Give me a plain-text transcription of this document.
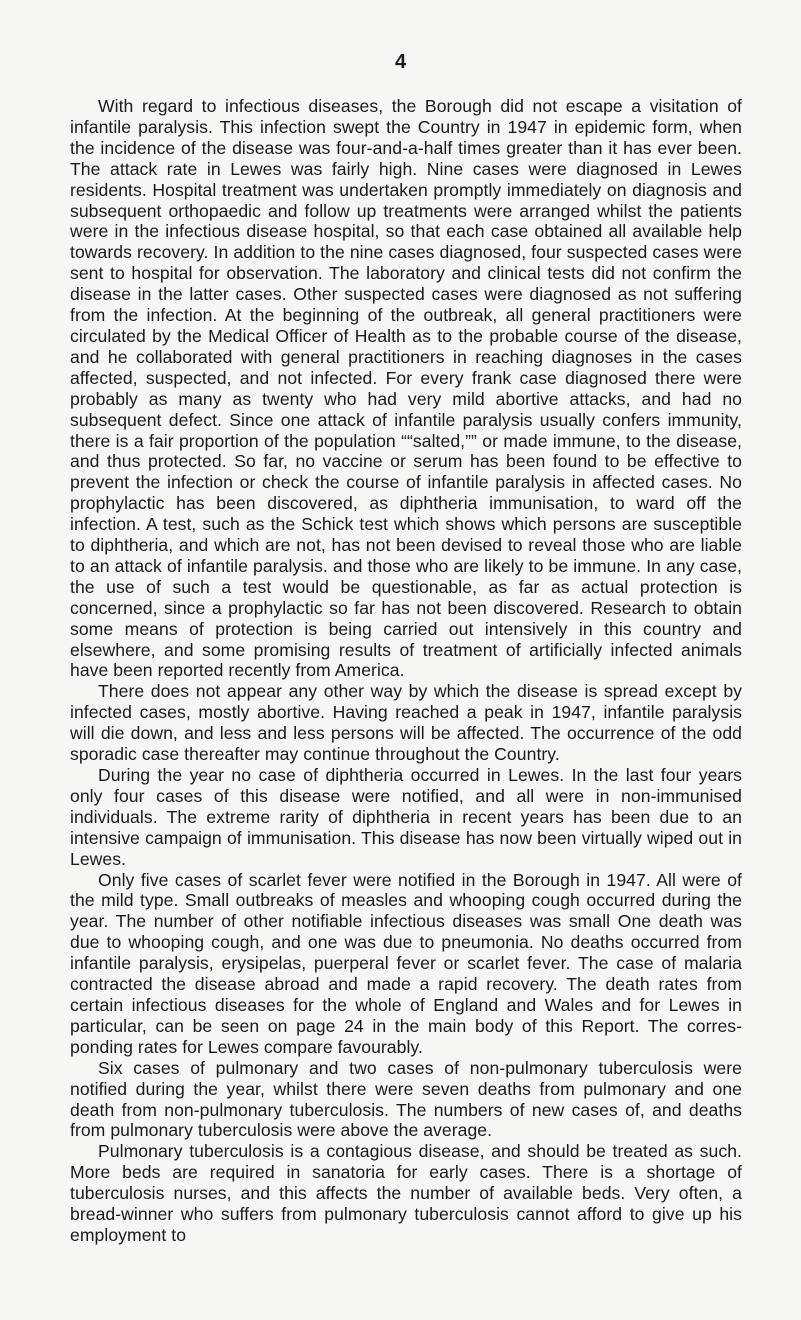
4

With regard to infectious diseases, the Borough did not escape a visitation of infantile paralysis. This infection swept the Country in 1947 in epidemic form, when the incidence of the disease was four-and-a-half times greater than it has ever been. The attack rate in Lewes was fairly high. Nine cases were diagnosed in Lewes residents. Hospital treatment was undertaken promptly immediately on diagnosis and subsequent orthopaedic and follow up treatments were arranged whilst the patients were in the infectious disease hospital, so that each case obtained all available help towards recovery. In addition to the nine cases diagnosed, four suspected cases were sent to hospital for observation. The laboratory and clinical tests did not confirm the disease in the latter cases. Other suspected cases were diagnosed as not suffering from the infection. At the beginning of the outbreak, all general practitioners were circulated by the Medical Officer of Health as to the probable course of the disease, and he collaborated with general practitioners in reaching diagnoses in the cases affected, suspected, and not infected. For every frank case diagnosed there were probably as many as twenty who had very mild abortive attacks, and had no subsequent defect. Since one attack of infantile paralysis usually confers immunity, there is a fair proportion of the population ““salted,”” or made immune, to the disease, and thus protected. So far, no vaccine or serum has been found to be effective to prevent the infection or check the course of infantile paralysis in affected cases. No prophylactic has been discovered, as diphtheria immunisation, to ward off the infection. A test, such as the Schick test which shows which persons are susceptible to diphtheria, and which are not, has not been devised to reveal those who are liable to an attack of infantile paralysis. and those who are likely to be immune. In any case, the use of such a test would be questionable, as far as actual protection is concerned, since a prophylactic so far has not been discovered. Research to obtain some means of protection is being carried out intensively in this country and elsewhere, and some promising results of treatment of artificially infected animals have been reported recently from America.

There does not appear any other way by which the disease is spread except by infected cases, mostly abortive. Having reached a peak in 1947, infantile paralysis will die down, and less and less persons will be affected. The occurrence of the odd sporadic case thereafter may continue throughout the Country.

During the year no case of diphtheria occurred in Lewes. In the last four years only four cases of this disease were notified, and all were in non-immunised individuals. The extreme rarity of diphtheria in recent years has been due to an intensive campaign of immunisation. This disease has now been virtually wiped out in Lewes.

Only five cases of scarlet fever were notified in the Borough in 1947. All were of the mild type. Small outbreaks of measles and whooping cough occurred during the year. The number of other notifiable infectious diseases was small One death was due to whooping cough, and one was due to pneumonia. No deaths occurred from infantile paralysis, erysipelas, puerperal fever or scarlet fever. The case of malaria contracted the disease abroad and made a rapid recovery. The death rates from certain infectious diseases for the whole of England and Wales and for Lewes in particular, can be seen on page 24 in the main body of this Report. The corresponding rates for Lewes compare favourably.

Six cases of pulmonary and two cases of non-pulmonary tuberculosis were notified during the year, whilst there were seven deaths from pulmonary and one death from non-pulmonary tuberculosis. The numbers of new cases of, and deaths from pulmonary tuberculosis were above the average.

Pulmonary tuberculosis is a contagious disease, and should be treated as such. More beds are required in sanatoria for early cases. There is a shortage of tuberculosis nurses, and this affects the number of available beds. Very often, a bread-winner who suffers from pulmonary tuberculosis cannot afford to give up his employment to
